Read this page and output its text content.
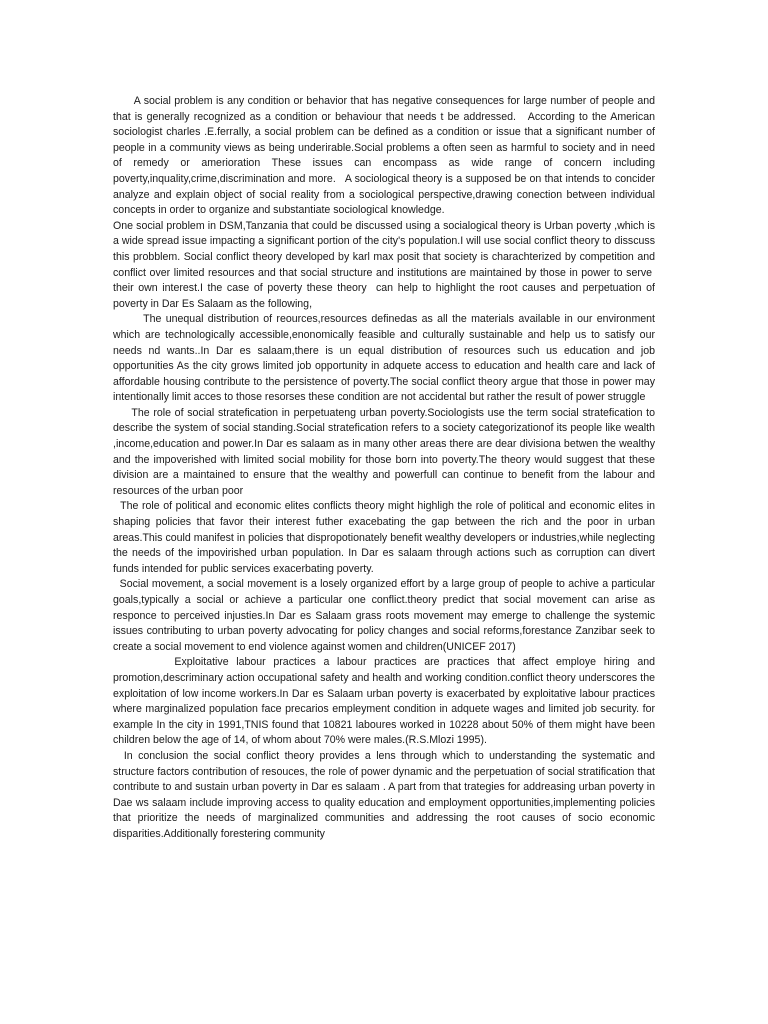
A social problem is any condition or behavior that has negative consequences for large number of people and that is generally recognized as a condition or behaviour that needs t be addressed.   According to the American sociologist charles .E.ferrally, a social problem can be defined as a condition or issue that a significant number of people in a community views as being underirable.Social problems a often seen as harmful to society and in need of remedy or amerioration These issues can encompass as wide range of concern including poverty,inquality,crime,discrimination and more.   A sociological theory is a supposed be on that intends to concider analyze and explain object of social reality from a sociological perspective,drawing conection between individual concepts in order to organize and substantiate sociological knowledge.

One social problem in DSM,Tanzania that could be discussed using a socialogical theory is Urban poverty ,which is a wide spread issue impacting a significant portion of the city's population.I will use social conflict theory to disscuss this probblem. Social conflict theory developed by karl max posit that society is charachterized by competition and conflict over limited resources and that social structure and institutions are maintained by those in power to serve  their own interest.I the case of poverty these theory  can help to highlight the root causes and perpetuation of poverty in Dar Es Salaam as the following,

The unequal distribution of reources,resources definedas as all the materials available in our environment which are technologically accessible,enonomically feasible and culturally sustainable and help us to satisfy our needs nd wants..In Dar es salaam,there is un equal distribution of resources such us education and job opportunities As the city grows limited job opportunity in adquete access to education and health care and lack of affordable housing contribute to the persistence of poverty.The social conflict theory argue that those in power may intentionally limit acces to those resorses these condition are not accidental but rather the result of power struggle

The role of social stratefication in perpetuateng urban poverty.Sociologists use the term social stratefication to describe the system of social standing.Social stratefication refers to a society categorizationof its people like wealth ,income,education and power.In Dar es salaam as in many other areas there are dear divisiona betwen the wealthy and the impoverished with limited social mobility for those born into poverty.The theory would suggest that these division are a maintained to ensure that the wealthy and powerfull can continue to benefit from the labour and resources of the urban poor

The role of political and economic elites conflicts theory might highligh the role of political and economic elites in shaping policies that favor their interest futher exacebating the gap between the rich and the poor in urban areas.This could manifest in policies that dispropotionately benefit wealthy developers or industries,while neglecting the needs of the impovirished urban population. In Dar es salaam through actions such as corruption can divert funds intended for public services exacerbating poverty.

Social movement, a social movement is a losely organized effort by a large group of people to achive a particular goals,typically a social or achieve a particular one conflict.theory predict that social movement can arise as responce to perceived injusties.In Dar es Salaam grass roots movement may emerge to challenge the systemic issues contributing to urban poverty advocating for policy changes and social reforms,forestance Zanzibar seek to create a social movement to end violence against women and children(UNICEF 2017)

Exploitative labour practices a labour practices are practices that affect employe hiring and promotion,descriminary action occupational safety and health and working condition.conflict theory underscores the exploitation of low income workers.In Dar es Salaam urban poverty is exacerbated by exploitative labour practices where marginalized population face precarios empleyment condition in adquete wages and limited job security. for example In the city in 1991,TNIS found that 10821 laboures worked in 10228 about 50% of them might have been children below the age of 14, of whom about 70% were males.(R.S.Mlozi 1995).

In conclusion the social conflict theory provides a lens through which to understanding the systematic and structure factors contribution of resouces, the role of power dynamic and the perpetuation of social stratification that contribute to and sustain urban poverty in Dar es salaam . A part from that trategies for addreasing urban poverty in Dae ws salaam include improving access to quality education and employment opportunities,implementing policies that prioritize the needs of marginalized communities and addressing the root causes of socio economic disparities.Additionally forestering community
